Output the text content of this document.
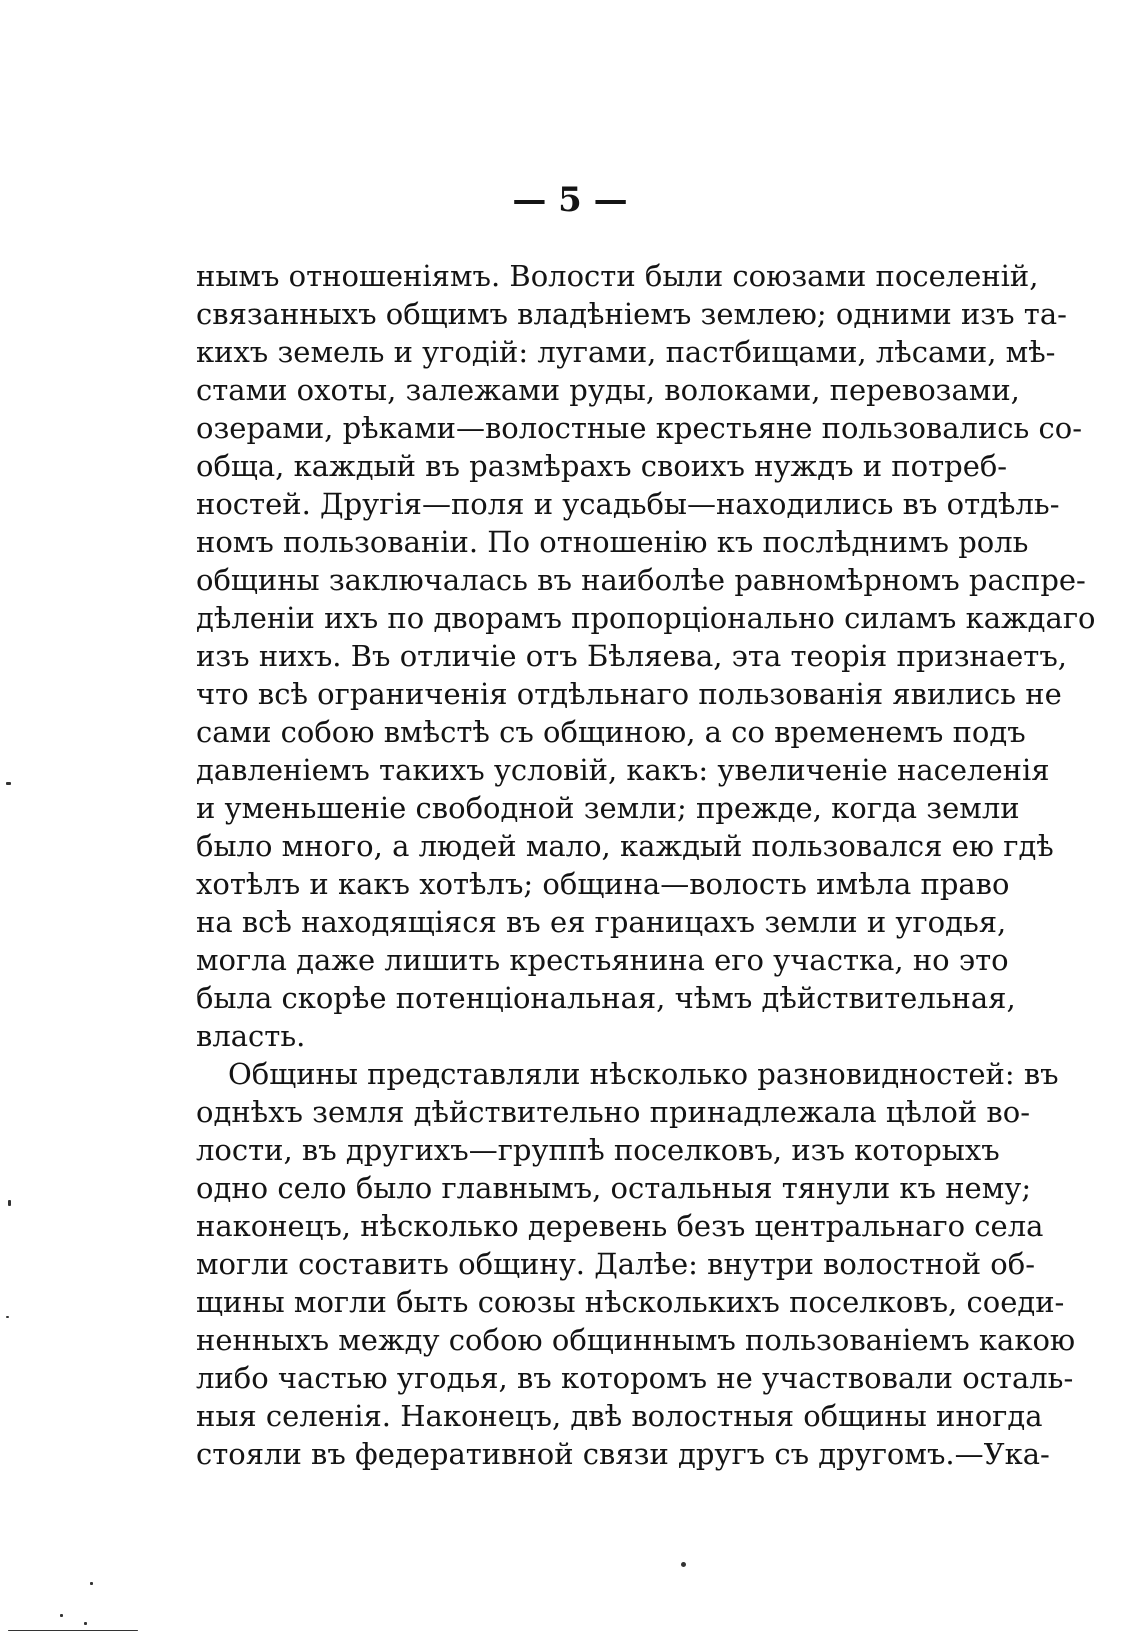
— 5 —

нымъ отношеніямъ. Волости были союзами поселеній,
связанныхъ общимъ владѣніемъ землею; одними изъ та-
кихъ земель и угодій: лугами, пастбищами, лѣсами, мѣ-
стами охоты, залежами руды, волоками, перевозами,
озерами, рѣками—волостные крестьяне пользовались со-
обща, каждый въ размѣрахъ своихъ нуждъ и потреб-
ностей. Другія—поля и усадьбы—находились въ отдѣль-
номъ пользованіи. По отношенію къ послѣднимъ роль
общины заключалась въ наиболѣе равномѣрномъ распре-
дѣленіи ихъ по дворамъ пропорціонально силамъ каждаго
изъ нихъ. Въ отличіе отъ Бѣляева, эта теорія признаетъ,
что всѣ ограниченія отдѣльнаго пользованія явились не
сами собою вмѣстѣ съ общиною, а со временемъ подъ
давленіемъ такихъ условій, какъ: увеличеніе населенія
и уменьшеніе свободной земли; прежде, когда земли
было много, а людей мало, каждый пользовался ею гдѣ
хотѣлъ и какъ хотѣлъ; община—волость имѣла право
на всѣ находящіяся въ ея границахъ земли и угодья,
могла даже лишить крестьянина его участка, но это
была скорѣе потенціональная, чѣмъ дѣйствительная,
власть.

Общины представляли нѣсколько разновидностей: въ
однѣхъ земля дѣйствительно принадлежала цѣлой во-
лости, въ другихъ—группѣ поселковъ, изъ которыхъ
одно село было главнымъ, остальныя тянули къ нему;
наконецъ, нѣсколько деревень безъ центральнаго села
могли составить общину. Далѣе: внутри волостной об-
щины могли быть союзы нѣсколькихъ поселковъ, соеди-
ненныхъ между собою общиннымъ пользованіемъ какою
либо частью угодья, въ которомъ не участвовали осталь-
ныя селенія. Наконецъ, двѣ волостныя общины иногда
стояли въ федеративной связи другъ съ другомъ.—Ука-
